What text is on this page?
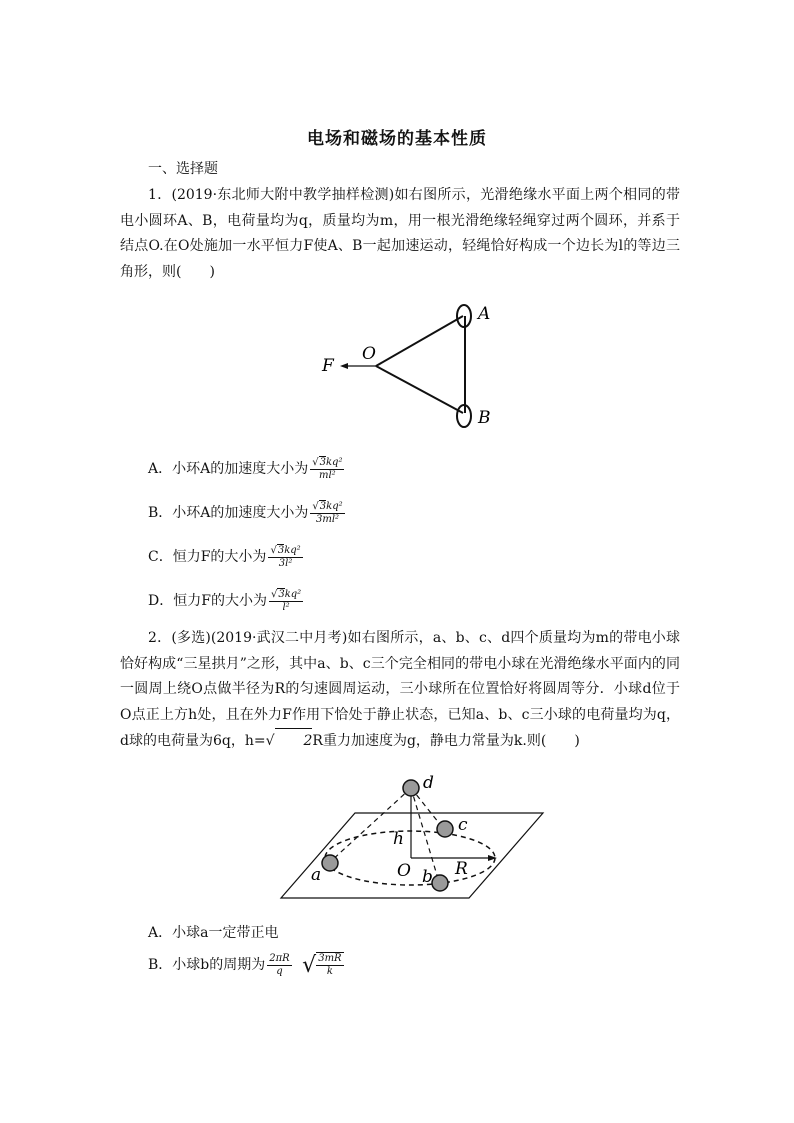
电场和磁场的基本性质
一、选择题
1．(2019·东北师大附中教学抽样检测)如右图所示，光滑绝缘水平面上两个相同的带电小圆环A、B，电荷量均为q，质量均为m，用一根光滑绝缘轻绳穿过两个圆环，并系于结点O.在O处施加一水平恒力F使A、B一起加速运动，轻绳恰好构成一个边长为l的等边三角形，则(　　)
A
B
O
F
A．小环A的加速度大小为 $\frac{\text{√3kq²}}{\text{ml²}}$
B．小环A的加速度大小为 $\frac{\text{√3kq²}}{\text{3ml²}}$
C．恒力F的大小为 $\frac{\text{√3kq²}}{\text{3l²}}$
D．恒力F的大小为 $\frac{\text{√3kq²}}{\text{l²}}$
2．(多选)(2019·武汉二中月考)如右图所示，a、b、c、d四个质量均为m的带电小球恰好构成“三星拱月”之形，其中a、b、c三个完全相同的带电小球在光滑绝缘水平面内的同一圆周上绕O点做半径为R的匀速圆周运动，三小球所在位置恰好将圆周等分．小球d位于O点正上方h处，且在外力F作用下恰处于静止状态，已知a、b、c三小球的电荷量均为q，d球的电荷量为6q，h=√ 2R重力加速度为g，静电力常量为k.则(　　)
d
c
a	b
h
O	R
A．小球a一定带正电
B．小球b的周期为 $\frac{2\pi R}{q}$ √ $\frac{3mR}{k}$
